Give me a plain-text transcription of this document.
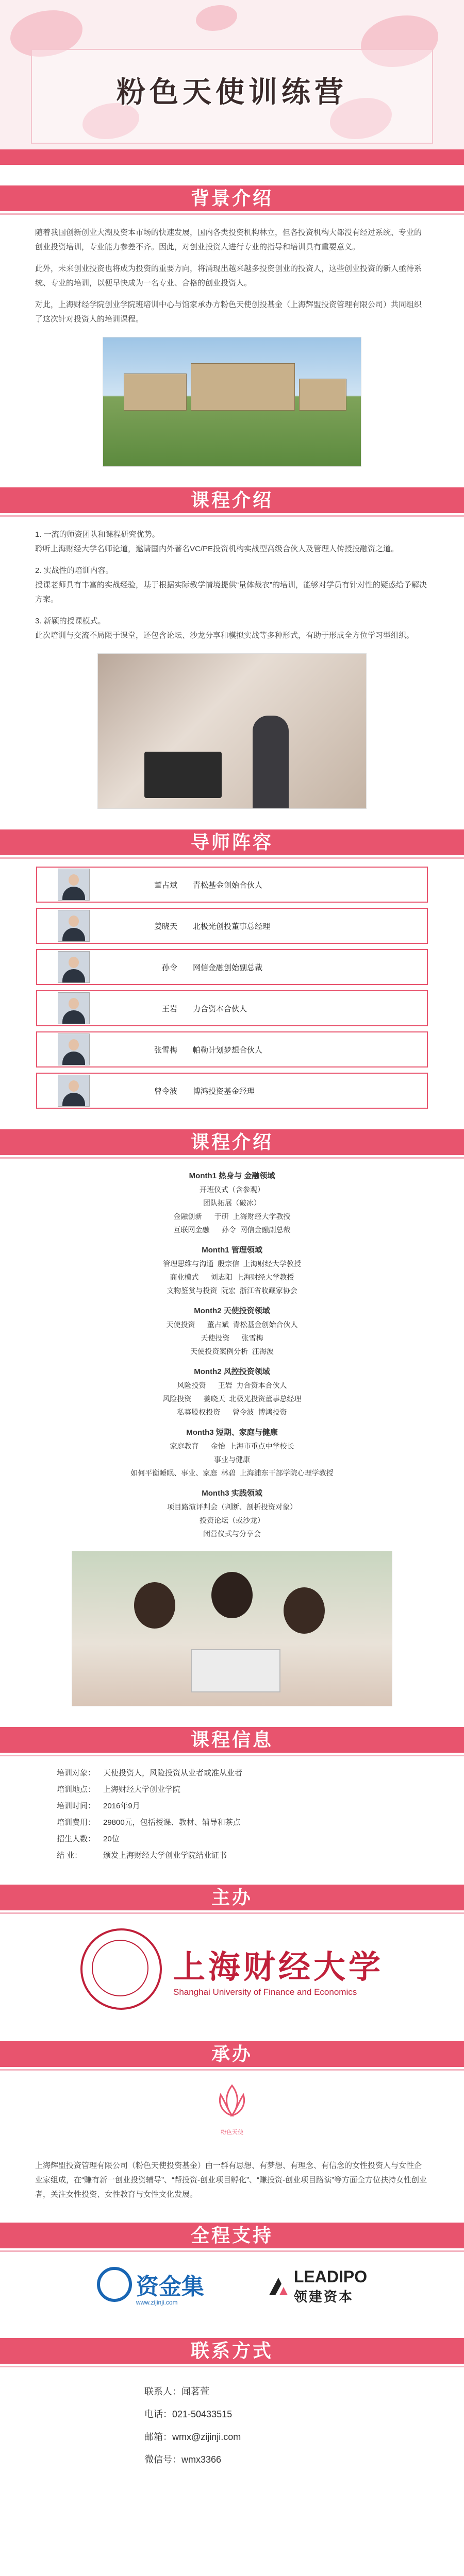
粉色天使训练营
背景介绍

随着我国创新创业大潮及资本市场的快速发展，国内各类投资机构林立，但各投资机构大都没有经过系统、专业的创业投资培训，专业能力参差不齐。因此，对创业投资人进行专业的指导和培训具有重要意义。

此外，未来创业投资也将成为投资的重要方向，将涌现出越来越多投资创业的投资人，这些创业投资的新人亟待系统、专业的培训，以便早快成为一名专业、合格的创业投资人。

对此，上海财经学院创业学院班培训中心与馆家承办方粉色天使创投基金（上海辉盟投资管理有限公司）共同组织了这次针对投资人的培训课程。

课程介绍

1. 一流的师资团队和课程研究优势。
聆听上海财经大学名师论道，邀请国内外著名VC/PE投资机构实战型高级合伙人及管理人传授投融资之道。

2. 实战性的培训内容。
授课老师具有丰富的实战经验，基于根据实际教学情境提供“量体裁衣”的培训，能够对学员有针对性的疑惑给予解决方案。

3. 新颖的授课模式。
此次培训与交流不局限于课堂，还包含论坛、沙龙分享和模拟实战等多种形式，有助于形成全方位学习型组织。

导师阵容
董占斌 青松基金创始合伙人
姜晓天 北极光创投董事总经理
孙令 网信金融创始副总裁
王岩 力合资本合伙人
张雪梅 帕勒计划梦想合伙人
曾令波 博鸿投资基金经理
课程介绍
Month1 热身与 金融领域
开班仪式（含参观）
团队拓展（破冰）
金融创新      于研  上海财经大学教授
互联网金融      孙令  网信金融副总裁
Month1 管理领域
管理思维与沟通  殷宗信  上海财经大学教授
商业模式      刘志阳  上海财经大学教授
文物鉴赏与投资  阮宏  浙江省收藏家协会
Month2 天使投资领域
天使投资      董占斌  青松基金创始合伙人
天使投资      张雪梅
天使投资案例分析  汪海波
Month2 风控投资领域
风险投资      王岩  力合资本合伙人
风险投资      姜晓天  北极光投资董事总经理
私募股权投资      曾令波  博鸿投资
Month3 短期、家庭与健康
家庭教育      金怡  上海市重点中学校长
事业与健康
如何平衡睡眠、事业、家庭  林碧  上海浦东干部学院心理学教授
Month3 实践领域
项目路演评判会（判断、剖析投资对象）
投资论坛（或沙龙）
闭营仪式与分享会
课程信息
培训对象： 天使投资人，风险投资从业者或准从业者
培训地点： 上海财经大学创业学院
培训时间： 2016年9月
培训费用： 29800元，包括授课、教材、辅导和茶点
招生人数： 20位
结 业：	颁发上海财经大学创业学院结业证书
主办
上海财经大学
Shanghai University of Finance and Economics
承办
粉色天使

上海辉盟投资管理有限公司（粉色天使投资基金）由一群有思想、有梦想、有理念、有信念的女性投资人与女性企业家组成，在“赚有新一创业投资辅导”、“帮投资-创业项目孵化”、“赚投资-创业项目路演”等方面全方位扶持女性创业者，关注女性投资、女性教育与女性文化发展。

全程支持
资金集
www.zijinji.com
LEADIPO
领建资本
联系方式
联系人：闻茗萱
电话：021-50433515
邮箱：wmx@zijinji.com
微信号：wmx3366
